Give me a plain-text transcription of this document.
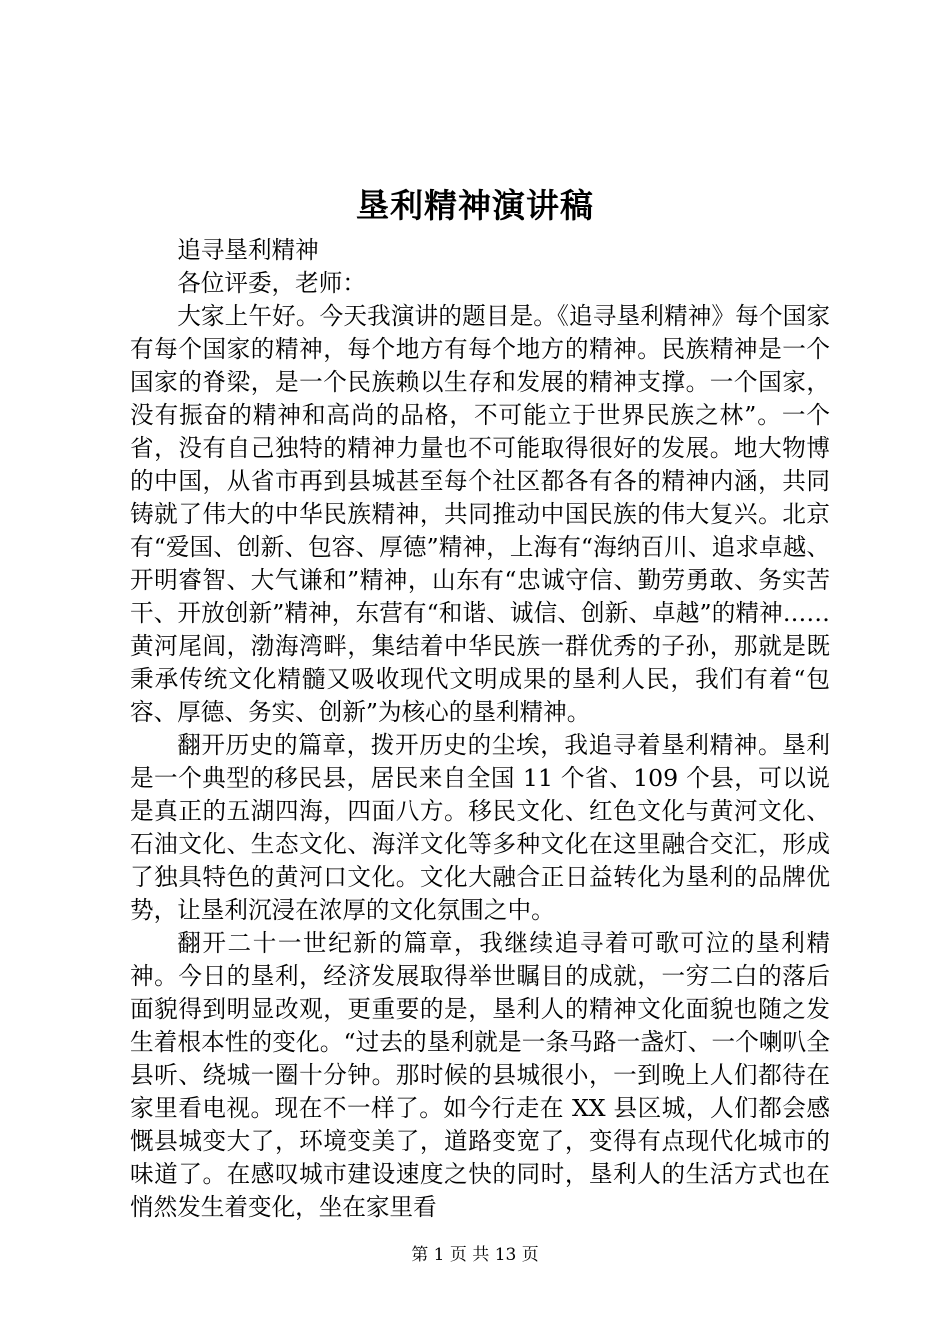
垦利精神演讲稿

追寻垦利精神

各位评委，老师：

大家上午好。今天我演讲的题目是。《追寻垦利精神》每个国家有每个国家的精神，每个地方有每个地方的精神。民族精神是一个国家的脊梁，是一个民族赖以生存和发展的精神支撑。一个国家，没有振奋的精神和高尚的品格，不可能立于世界民族之林”。一个省，没有自己独特的精神力量也不可能取得很好的发展。地大物博的中国，从省市再到县城甚至每个社区都各有各的精神内涵，共同铸就了伟大的中华民族精神，共同推动中国民族的伟大复兴。北京有“爱国、创新、包容、厚德”精神，上海有“海纳百川、追求卓越、开明睿智、大气谦和”精神，山东有“忠诚守信、勤劳勇敢、务实苦干、开放创新”精神，东营有“和谐、诚信、创新、卓越”的精神……黄河尾闾，渤海湾畔，集结着中华民族一群优秀的子孙，那就是既秉承传统文化精髓又吸收现代文明成果的垦利人民，我们有着“包容、厚德、务实、创新”为核心的垦利精神。

翻开历史的篇章，拨开历史的尘埃，我追寻着垦利精神。垦利是一个典型的移民县，居民来自全国 11 个省、109 个县，可以说是真正的五湖四海，四面八方。移民文化、红色文化与黄河文化、石油文化、生态文化、海洋文化等多种文化在这里融合交汇，形成了独具特色的黄河口文化。文化大融合正日益转化为垦利的品牌优势，让垦利沉浸在浓厚的文化氛围之中。

翻开二十一世纪新的篇章，我继续追寻着可歌可泣的垦利精神。今日的垦利，经济发展取得举世瞩目的成就，一穷二白的落后面貌得到明显改观，更重要的是，垦利人的精神文化面貌也随之发生着根本性的变化。“过去的垦利就是一条马路一盏灯、一个喇叭全县听、绕城一圈十分钟。那时候的县城很小，一到晚上人们都待在家里看电视。现在不一样了。如今行走在 XX 县区城，人们都会感慨县城变大了，环境变美了，道路变宽了，变得有点现代化城市的味道了。在感叹城市建设速度之快的同时，垦利人的生活方式也在悄然发生着变化，坐在家里看

第 1 页 共 13 页
